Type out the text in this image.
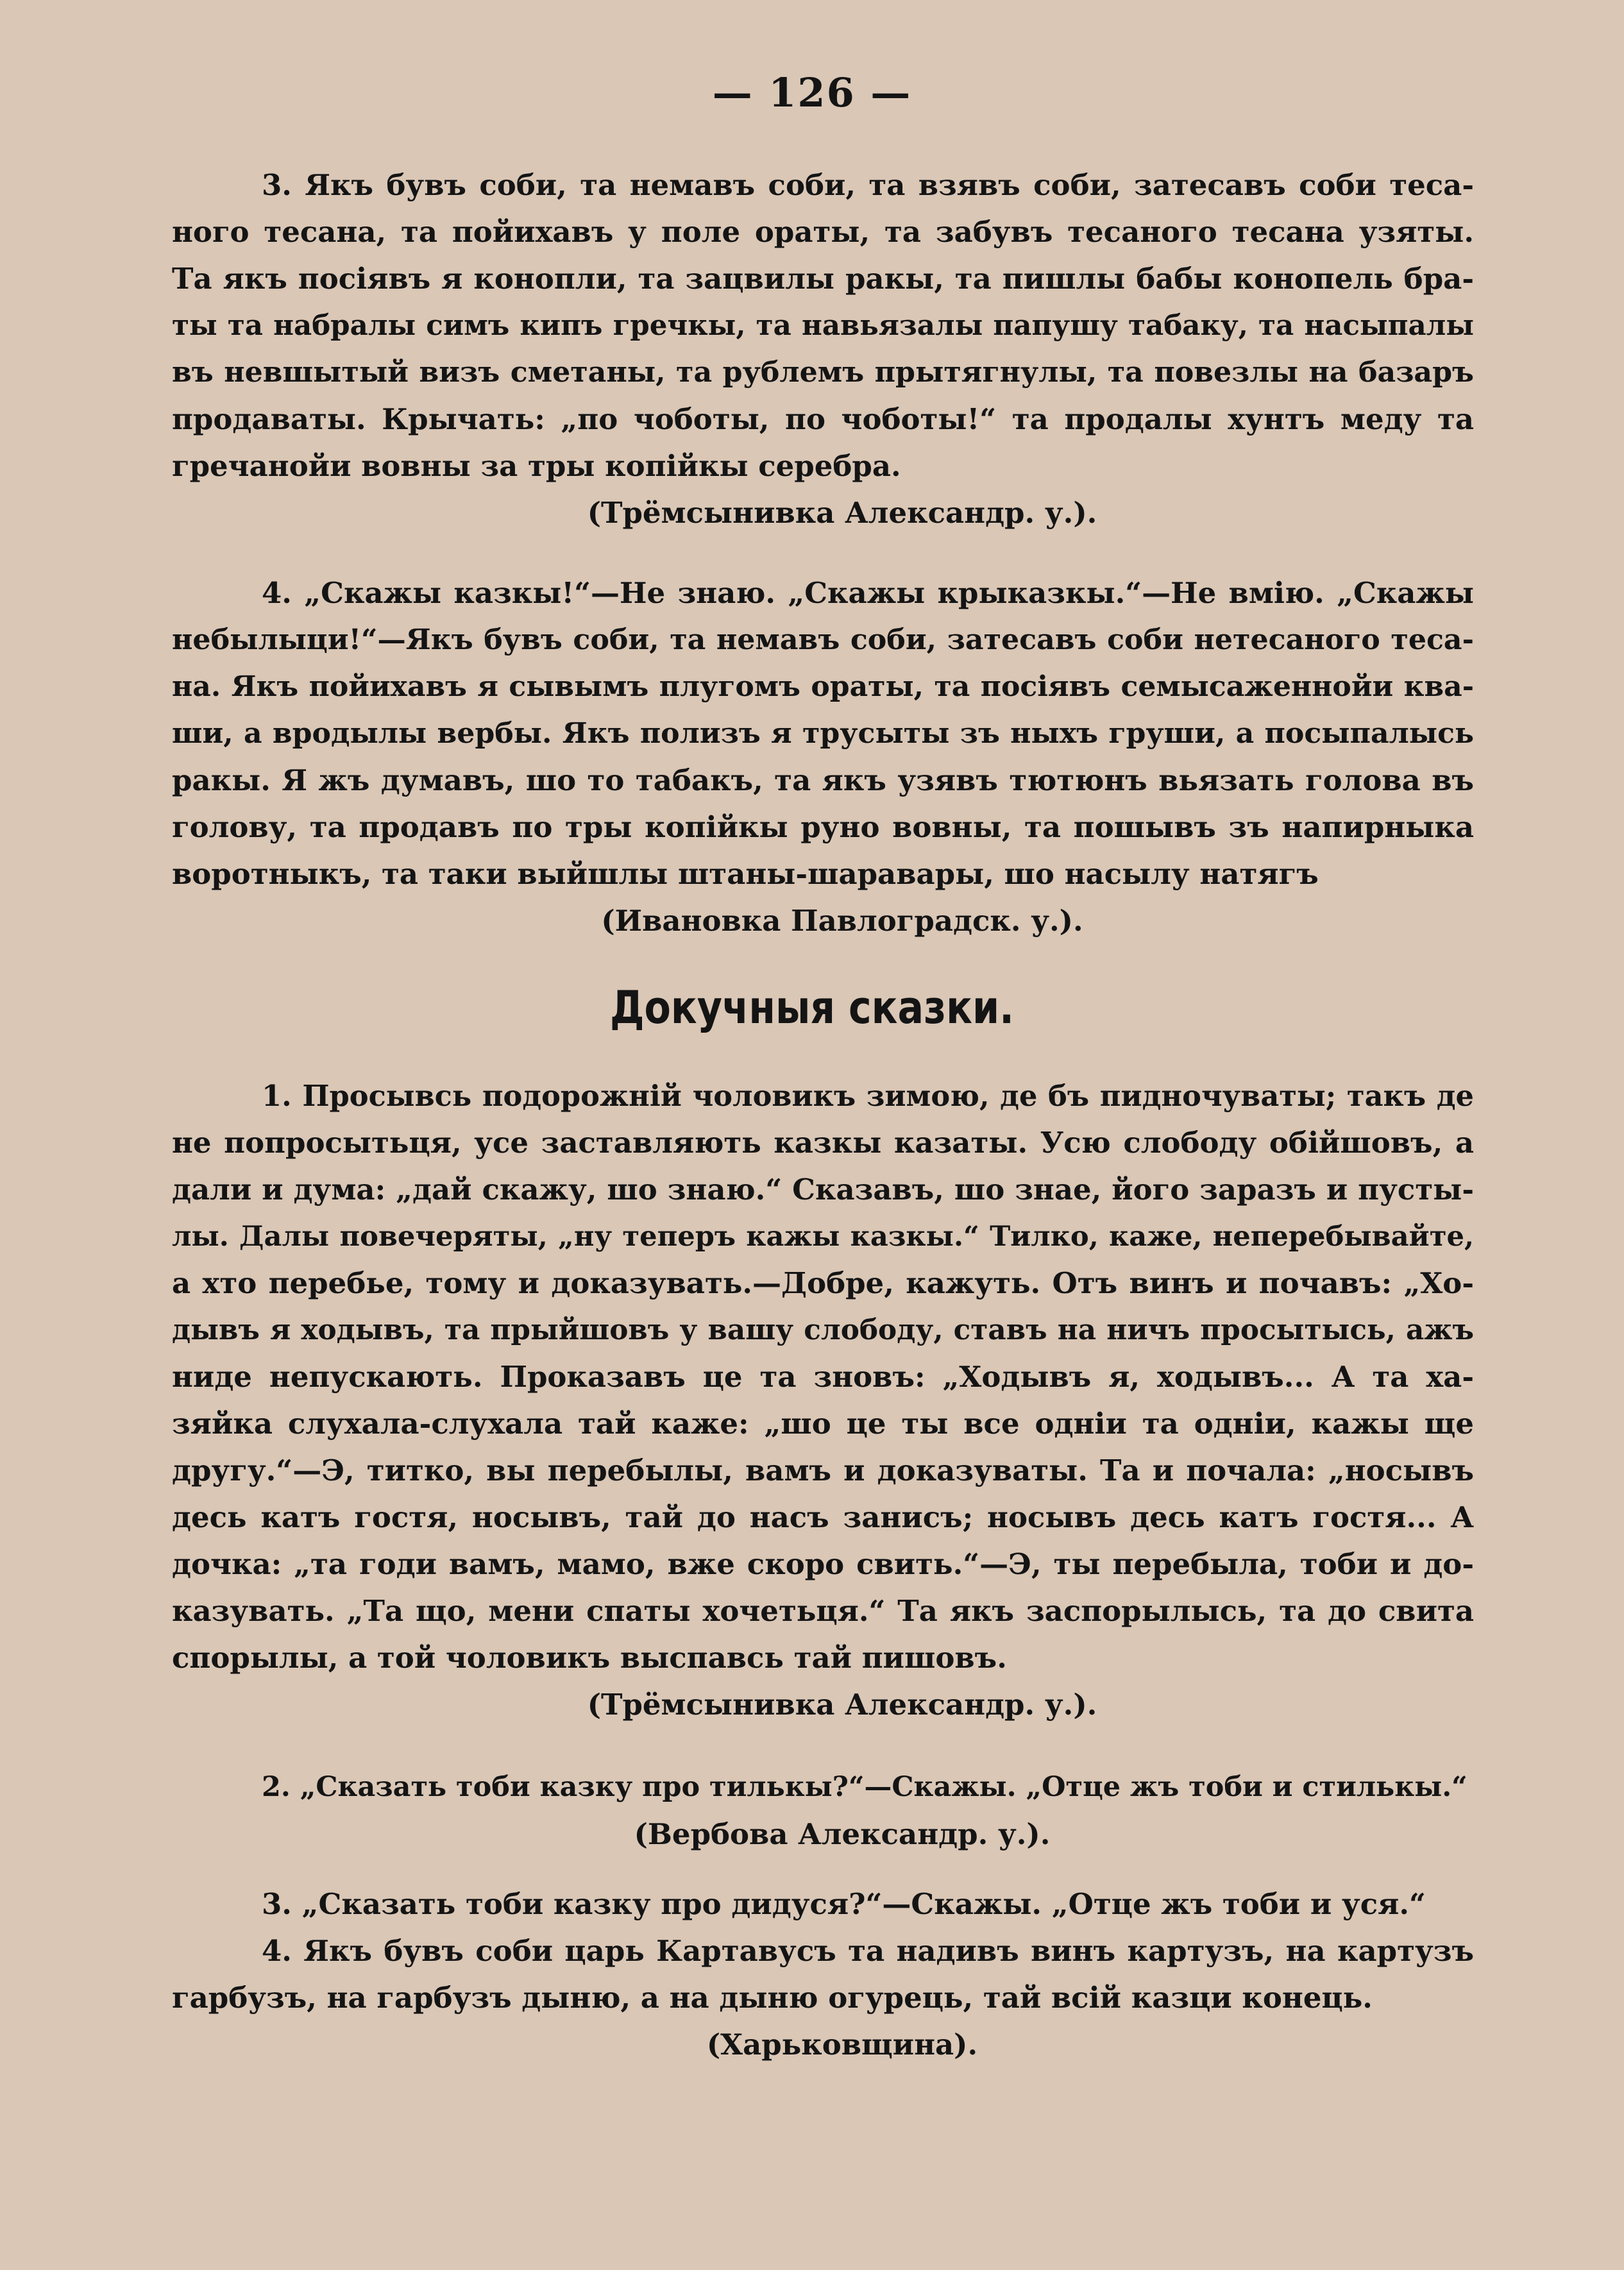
— 126 —
3. Якъ бувъ соби, та немавъ соби, та взявъ соби, затесавъ соби теса-
ного тесана, та пойихавъ у поле ораты, та забувъ тесаного тесана узяты.
Та якъ посіявъ я конопли, та зацвилы ракы, та пишлы бабы конопель бра-
ты та набралы симъ кипъ гречкы, та навьязалы папушу табаку, та насыпалы
въ невшытый визъ сметаны, та рублемъ прытягнулы, та повезлы на базаръ
продаваты. Крычать: „по чоботы, по чоботы!“ та продалы хунтъ меду та
гречанойи вовны за тры копійкы серебра.
(Трёмсынивка Александр. у.).
4. „Скажы казкы!“—Не знаю. „Скажы крыказкы.“—Не вмію. „Скажы
небылыци!“—Якъ бувъ соби, та немавъ соби, затесавъ соби нетесаного теса-
на. Якъ пойихавъ я сывымъ плугомъ ораты, та посіявъ семысаженнойи ква-
ши, а вродылы вербы. Якъ полизъ я трусыты зъ ныхъ груши, а посыпалысь
ракы. Я жъ думавъ, шо то табакъ, та якъ узявъ тютюнъ вьязать голова въ
голову, та продавъ по тры копійкы руно вовны, та пошывъ зъ напирныка
воротныкъ, та таки выйшлы штаны-шаравары, шо насылу натягъ
(Ивановка Павлоградск. у.).
Докучныя сказки.
1. Просывсь подорожній чоловикъ зимою, де бъ пидночуваты; такъ де
не попросытьця, усе заставляють казкы казаты. Усю слободу обійшовъ, а
дали и дума: „дай скажу, шо знаю.“ Сказавъ, шо знае, його заразъ и пусты-
лы. Далы повечеряты, „ну теперъ кажы казкы.“ Тилко, каже, неперебывайте,
а хто перебье, тому и доказувать.—Добре, кажуть. Отъ винъ и почавъ: „Хо-
дывъ я ходывъ, та прыйшовъ у вашу слободу, ставъ на ничъ просытысь, ажъ
ниде непускають. Проказавъ це та зновъ: „Ходывъ я, ходывъ... А та ха-
зяйка слухала-слухала тай каже: „шо це ты все одніи та одніи, кажы ще
другу.“—Э, титко, вы перебылы, вамъ и доказуваты. Та и почала: „носывъ
десь катъ гостя, носывъ, тай до насъ занисъ; носывъ десь катъ гостя... А
дочка: „та годи вамъ, мамо, вже скоро свить.“—Э, ты перебыла, тоби и до-
казувать. „Та що, мени спаты хочетьця.“ Та якъ заспорылысь, та до свита
спорылы, а той чоловикъ выспавсь тай пишовъ.
(Трёмсынивка Александр. у.).
2. „Сказать тоби казку про тилькы?“—Скажы. „Отце жъ тоби и стилькы.“
(Вербова Александр. у.).
3. „Сказать тоби казку про дидуся?“—Скажы. „Отце жъ тоби и уся.“
4. Якъ бувъ соби царь Картавусъ та надивъ винъ картузъ, на картузъ
гарбузъ, на гарбузъ дыню, а на дыню огурець, тай всій казци конець.
(Харьковщина).
